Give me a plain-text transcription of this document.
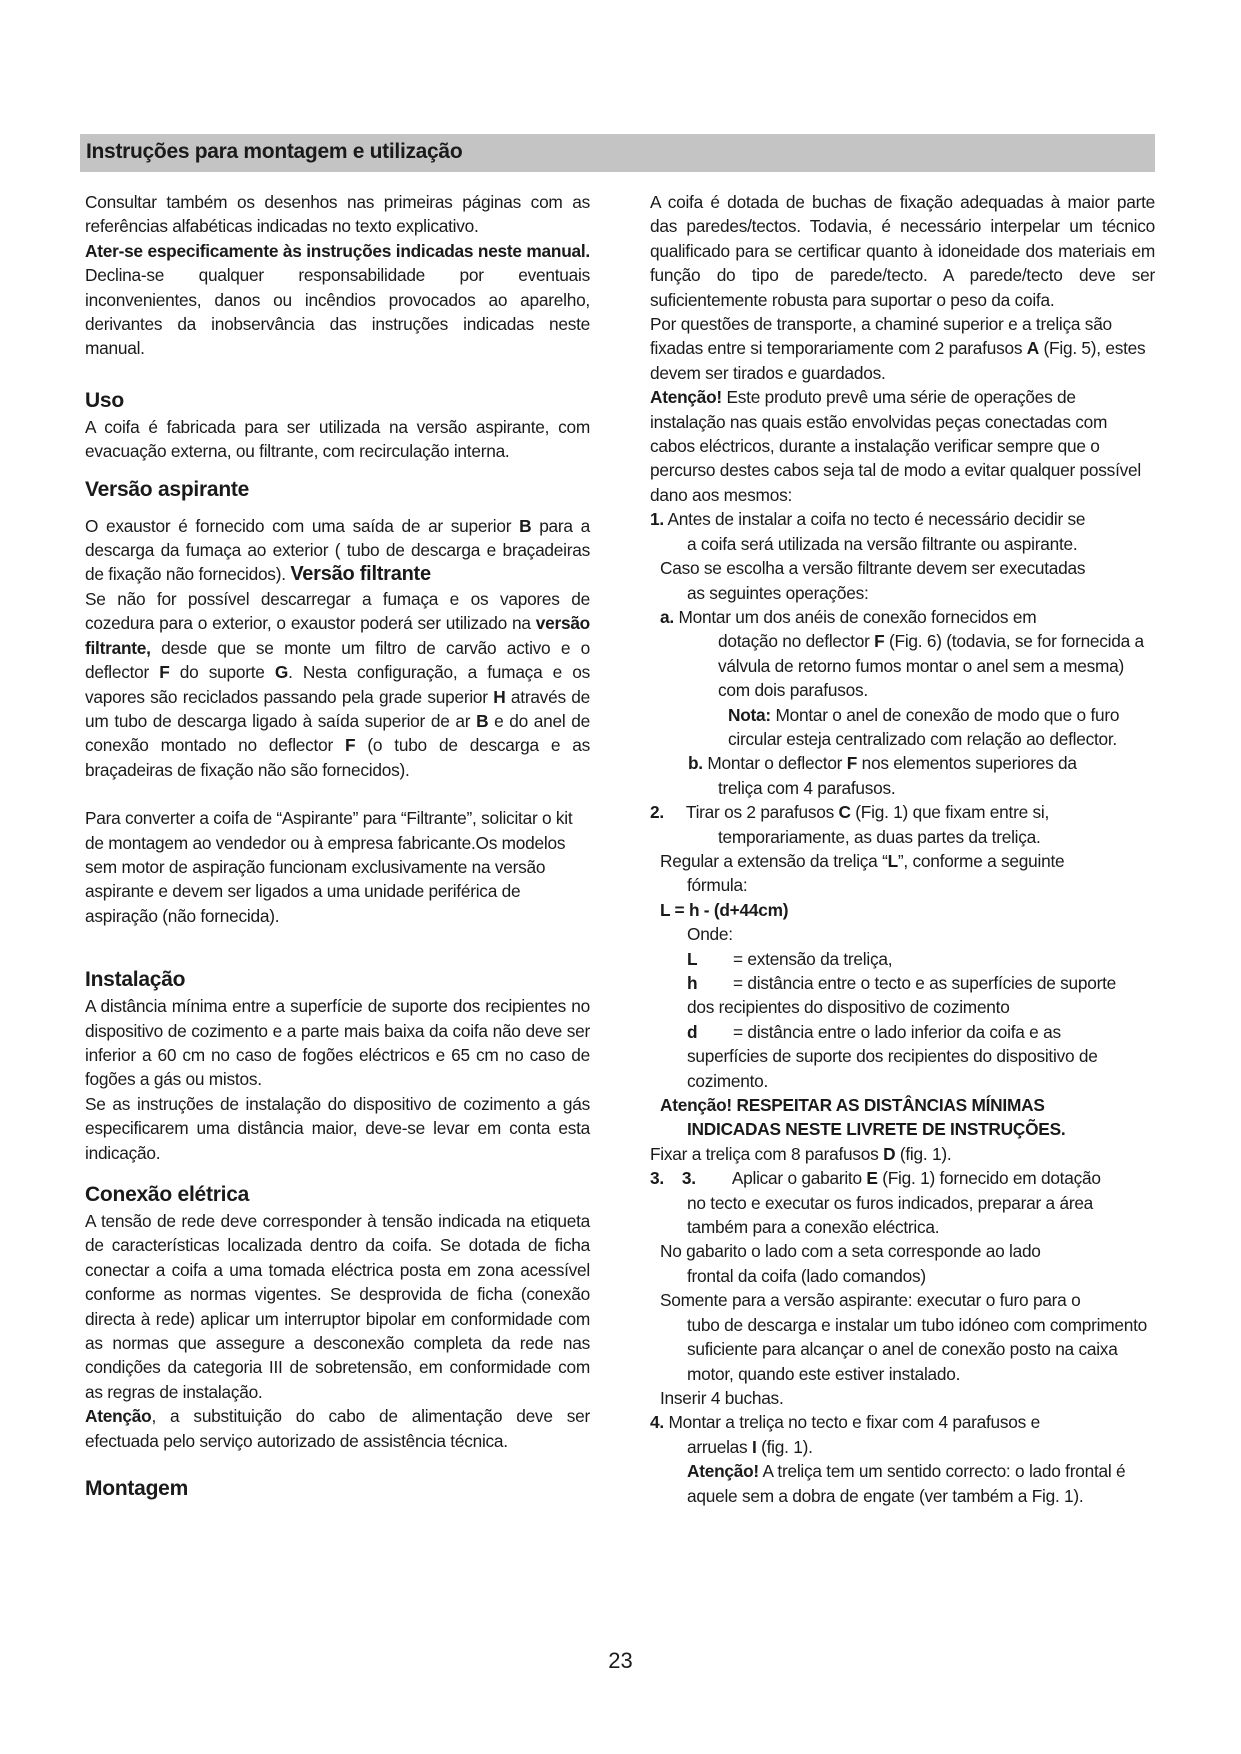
Instruções para montagem e utilização

Consultar também os desenhos nas primeiras páginas com as referências alfabéticas indicadas no texto explicativo.

Ater-se especificamente às instruções indicadas neste manual. Declina-se qualquer responsabilidade por eventuais inconvenientes, danos ou incêndios provocados ao aparelho, derivantes da inobservância das instruções indicadas neste manual.

Uso

A coifa é fabricada para ser utilizada na versão aspirante, com evacuação externa, ou filtrante, com recirculação interna.

Versão aspirante

O exaustor é fornecido com uma saída de ar superior B para a descarga da fumaça ao exterior ( tubo de descarga e braçadeiras de fixação não fornecidos). Versão filtrante

Se não for possível descarregar a fumaça e os vapores de cozedura para o exterior, o exaustor poderá ser utilizado na versão filtrante, desde que se monte um filtro de carvão activo e o deflector F do suporte G. Nesta configuração, a fumaça e os vapores são reciclados passando pela grade superior H através de um tubo de descarga ligado à saída superior de ar B e do anel de conexão montado no deflector F (o tubo de descarga e as braçadeiras de fixação não são fornecidos).

Para converter a coifa de “Aspirante” para “Filtrante”, solicitar o kit de montagem ao vendedor ou à empresa fabricante.Os modelos sem motor de aspiração funcionam exclusivamente na versão aspirante e devem ser ligados a uma unidade periférica de aspiração (não fornecida).

Instalação

A distância mínima entre a superfície de suporte dos recipientes no dispositivo de cozimento e a parte mais baixa da coifa não deve ser inferior a 60 cm no caso de fogões eléctricos e 65 cm no caso de fogões a gás ou mistos.

Se as instruções de instalação do dispositivo de cozimento a gás especificarem uma distância maior, deve-se levar em conta esta indicação.

Conexão elétrica

A tensão de rede deve corresponder à tensão indicada na etiqueta de características localizada dentro da coifa. Se dotada de ficha conectar a coifa a uma tomada eléctrica posta em zona acessível conforme as normas vigentes. Se desprovida de ficha (conexão directa à rede) aplicar um interruptor bipolar em conformidade com as normas que assegure a desconexão completa da rede nas condições da categoria III de sobretensão, em conformidade com as regras de instalação.

Atenção, a substituição do cabo de alimentação deve ser efectuada pelo serviço autorizado de assistência técnica.

Montagem

A coifa é dotada de buchas de fixação adequadas à maior parte das paredes/tectos. Todavia, é necessário interpelar um técnico qualificado para se certificar quanto à idoneidade dos materiais em função do tipo de parede/tecto. A parede/tecto deve ser suficientemente robusta para suportar o peso da coifa.

Por questões de transporte, a chaminé superior e a treliça são fixadas entre si temporariamente com 2 parafusos A (Fig. 5), estes devem ser tirados e guardados.

Atenção! Este produto prevê uma série de operações de instalação nas quais estão envolvidas peças conectadas com cabos eléctricos, durante a instalação verificar sempre que o percurso destes cabos seja tal de modo a evitar qualquer possível dano aos mesmos:

1. Antes de instalar a coifa no tecto é necessário decidir se

a coifa será utilizada na versão filtrante ou aspirante.

Caso se escolha a versão filtrante devem ser executadas

as seguintes operações:

a. Montar um dos anéis de conexão fornecidos em

dotação no deflector F (Fig. 6) (todavia, se for fornecida a válvula de retorno fumos montar o anel sem a mesma) com dois parafusos.

Nota: Montar o anel de conexão de modo que o furo circular esteja centralizado com relação ao deflector.

b. Montar o deflector F nos elementos superiores da

treliça com 4 parafusos.

2. Tirar os 2 parafusos C (Fig. 1) que fixam entre si,

temporariamente, as duas partes da treliça.

Regular a extensão da treliça “L”, conforme a seguinte

fórmula:

L = h - (d+44cm)

Onde:

L	= extensão da treliça,
h	= distância entre o tecto e as superfícies de suporte

dos recipientes do dispositivo de cozimento

d	= distância entre o lado inferior da coifa e as

superfícies de suporte dos recipientes do dispositivo de cozimento.

Atenção! RESPEITAR AS DISTÂNCIAS MÍNIMAS

INDICADAS NESTE LIVRETE DE INSTRUÇÕES.

Fixar a treliça com 8 parafusos D (fig. 1).

3. 3. Aplicar o gabarito E (Fig. 1) fornecido em dotação

no tecto e executar os furos indicados, preparar a área também para a conexão eléctrica.

No gabarito o lado com a seta corresponde ao lado

frontal da coifa (lado comandos)

Somente para a versão aspirante: executar o furo para o

tubo de descarga e instalar um tubo idóneo com comprimento suficiente para alcançar o anel de conexão posto na caixa motor, quando este estiver instalado.

Inserir 4 buchas.

4. Montar a treliça no tecto e fixar com 4 parafusos e

arruelas I (fig. 1).

Atenção! A treliça tem um sentido correcto: o lado frontal é aquele sem a dobra de engate (ver também a Fig. 1).

23
